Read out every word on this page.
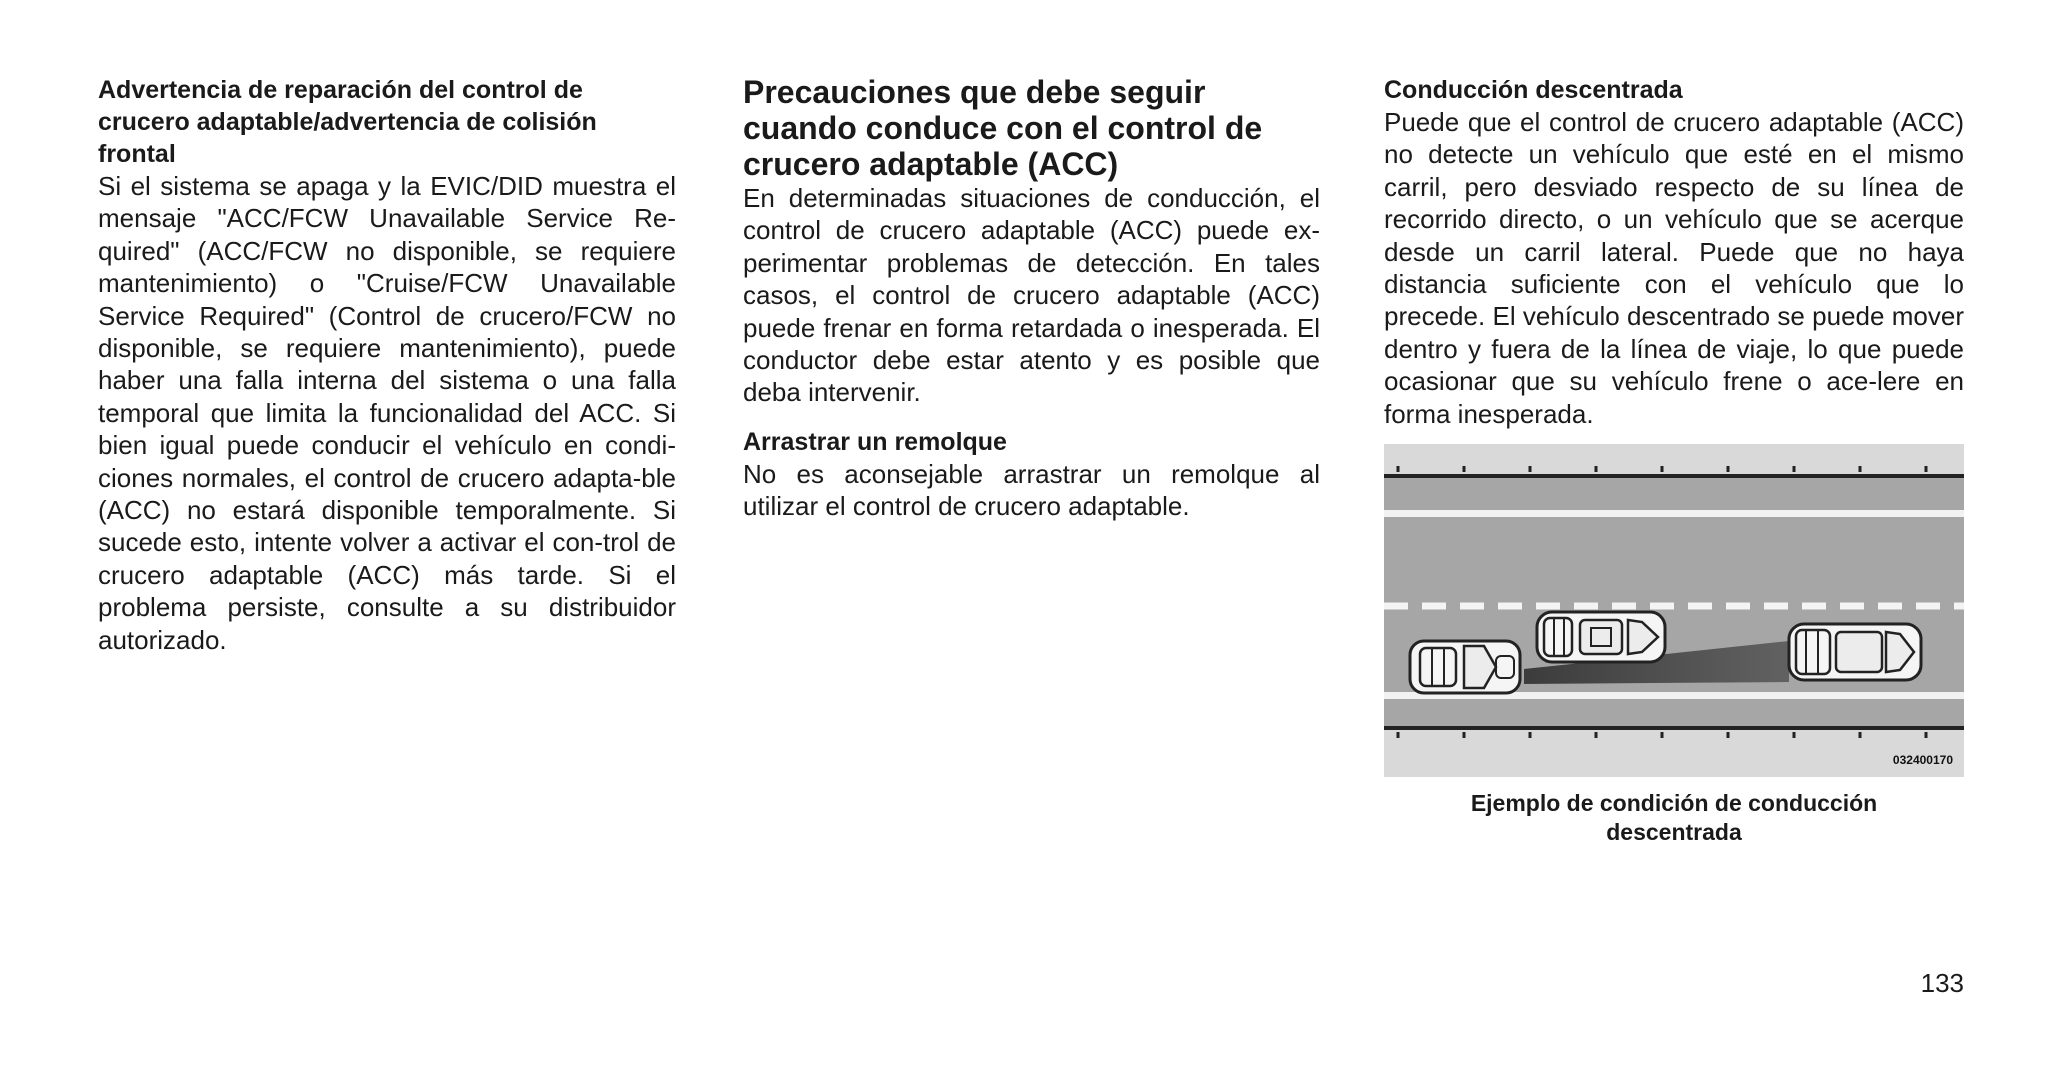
Advertencia de reparación del control de
crucero adaptable/advertencia de colisión
frontal

Si el sistema se apaga y la EVIC/DID muestra el mensaje "ACC/FCW Unavailable Service Re-quired" (ACC/FCW no disponible, se requiere mantenimiento) o "Cruise/FCW Unavailable Service Required" (Control de crucero/FCW no disponible, se requiere mantenimiento), puede haber una falla interna del sistema o una falla temporal que limita la funcionalidad del ACC. Si bien igual puede conducir el vehículo en condi-ciones normales, el control de crucero adapta-ble (ACC) no estará disponible temporalmente. Si sucede esto, intente volver a activar el con-trol de crucero adaptable (ACC) más tarde. Si el problema persiste, consulte a su distribuidor autorizado.

Precauciones que debe seguir
cuando conduce con el control de
crucero adaptable (ACC)

En determinadas situaciones de conducción, el control de crucero adaptable (ACC) puede ex-perimentar problemas de detección. En tales casos, el control de crucero adaptable (ACC) puede frenar en forma retardada o inesperada. El conductor debe estar atento y es posible que deba intervenir.

Arrastrar un remolque

No es aconsejable arrastrar un remolque al utilizar el control de crucero adaptable.

Conducción descentrada

Puede que el control de crucero adaptable (ACC) no detecte un vehículo que esté en el mismo carril, pero desviado respecto de su línea de recorrido directo, o un vehículo que se acerque desde un carril lateral. Puede que no haya distancia suficiente con el vehículo que lo precede. El vehículo descentrado se puede mover dentro y fuera de la línea de viaje, lo que puede ocasionar que su vehículo frene o ace-lere en forma inesperada.

032400170
Ejemplo de condición de conducción
descentrada
133
